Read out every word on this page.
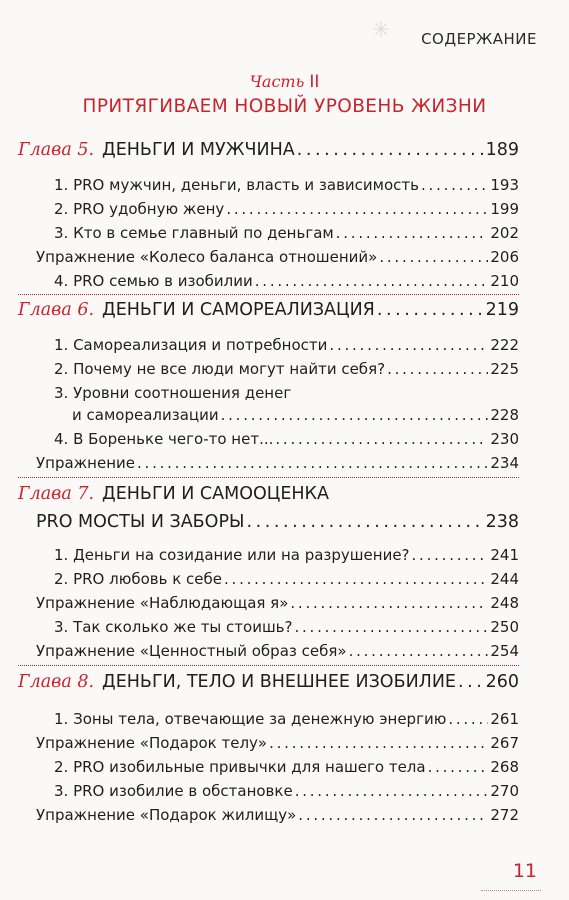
✳ СОДЕРЖАНИЕ
Часть II
ПРИТЯГИВАЕМ НОВЫЙ УРОВЕНЬ ЖИЗНИ
Глава 5. ДЕНЬГИ И МУЖЧИНА . . .	189
1. PRO мужчин, деньги, власть и зависимость . . .	193
2. PRO удобную жену . . .	199
3. Кто в семье главный по деньгам . . .	202
Упражнение «Колесо баланса отношений» . . .	206
4. PRO семью в изобилии . . .	210
Глава 6. ДЕНЬГИ И САМОРЕАЛИЗАЦИЯ . . .	219
1. Самореализация и потребности . . .	222
2. Почему не все люди могут найти себя? . . .	225
3. Уровни соотношения денег
и самореализации . . .	228
4. В Бореньке чего-то нет... . . .	230
Упражнение . . .	234
Глава 7. ДЕНЬГИ И САМООЦЕНКА
PRO МОСТЫ И ЗАБОРЫ . . .	238
1. Деньги на созидание или на разрушение? . . .	241
2. PRO любовь к себе . . .	244
Упражнение «Наблюдающая я» . . .	248
3. Так сколько же ты стоишь? . . .	250
Упражнение «Ценностный образ себя» . . .	254
Глава 8. ДЕНЬГИ, ТЕЛО И ВНЕШНЕЕ ИЗОБИЛИЕ . . . 260
1. Зоны тела, отвечающие за денежную энергию . . .	261
Упражнение «Подарок телу» . . .	267
2. PRO изобильные привычки для нашего тела . . .	268
3. PRO изобилие в обстановке . . .	270
Упражнение «Подарок жилищу» . . .	272
11
